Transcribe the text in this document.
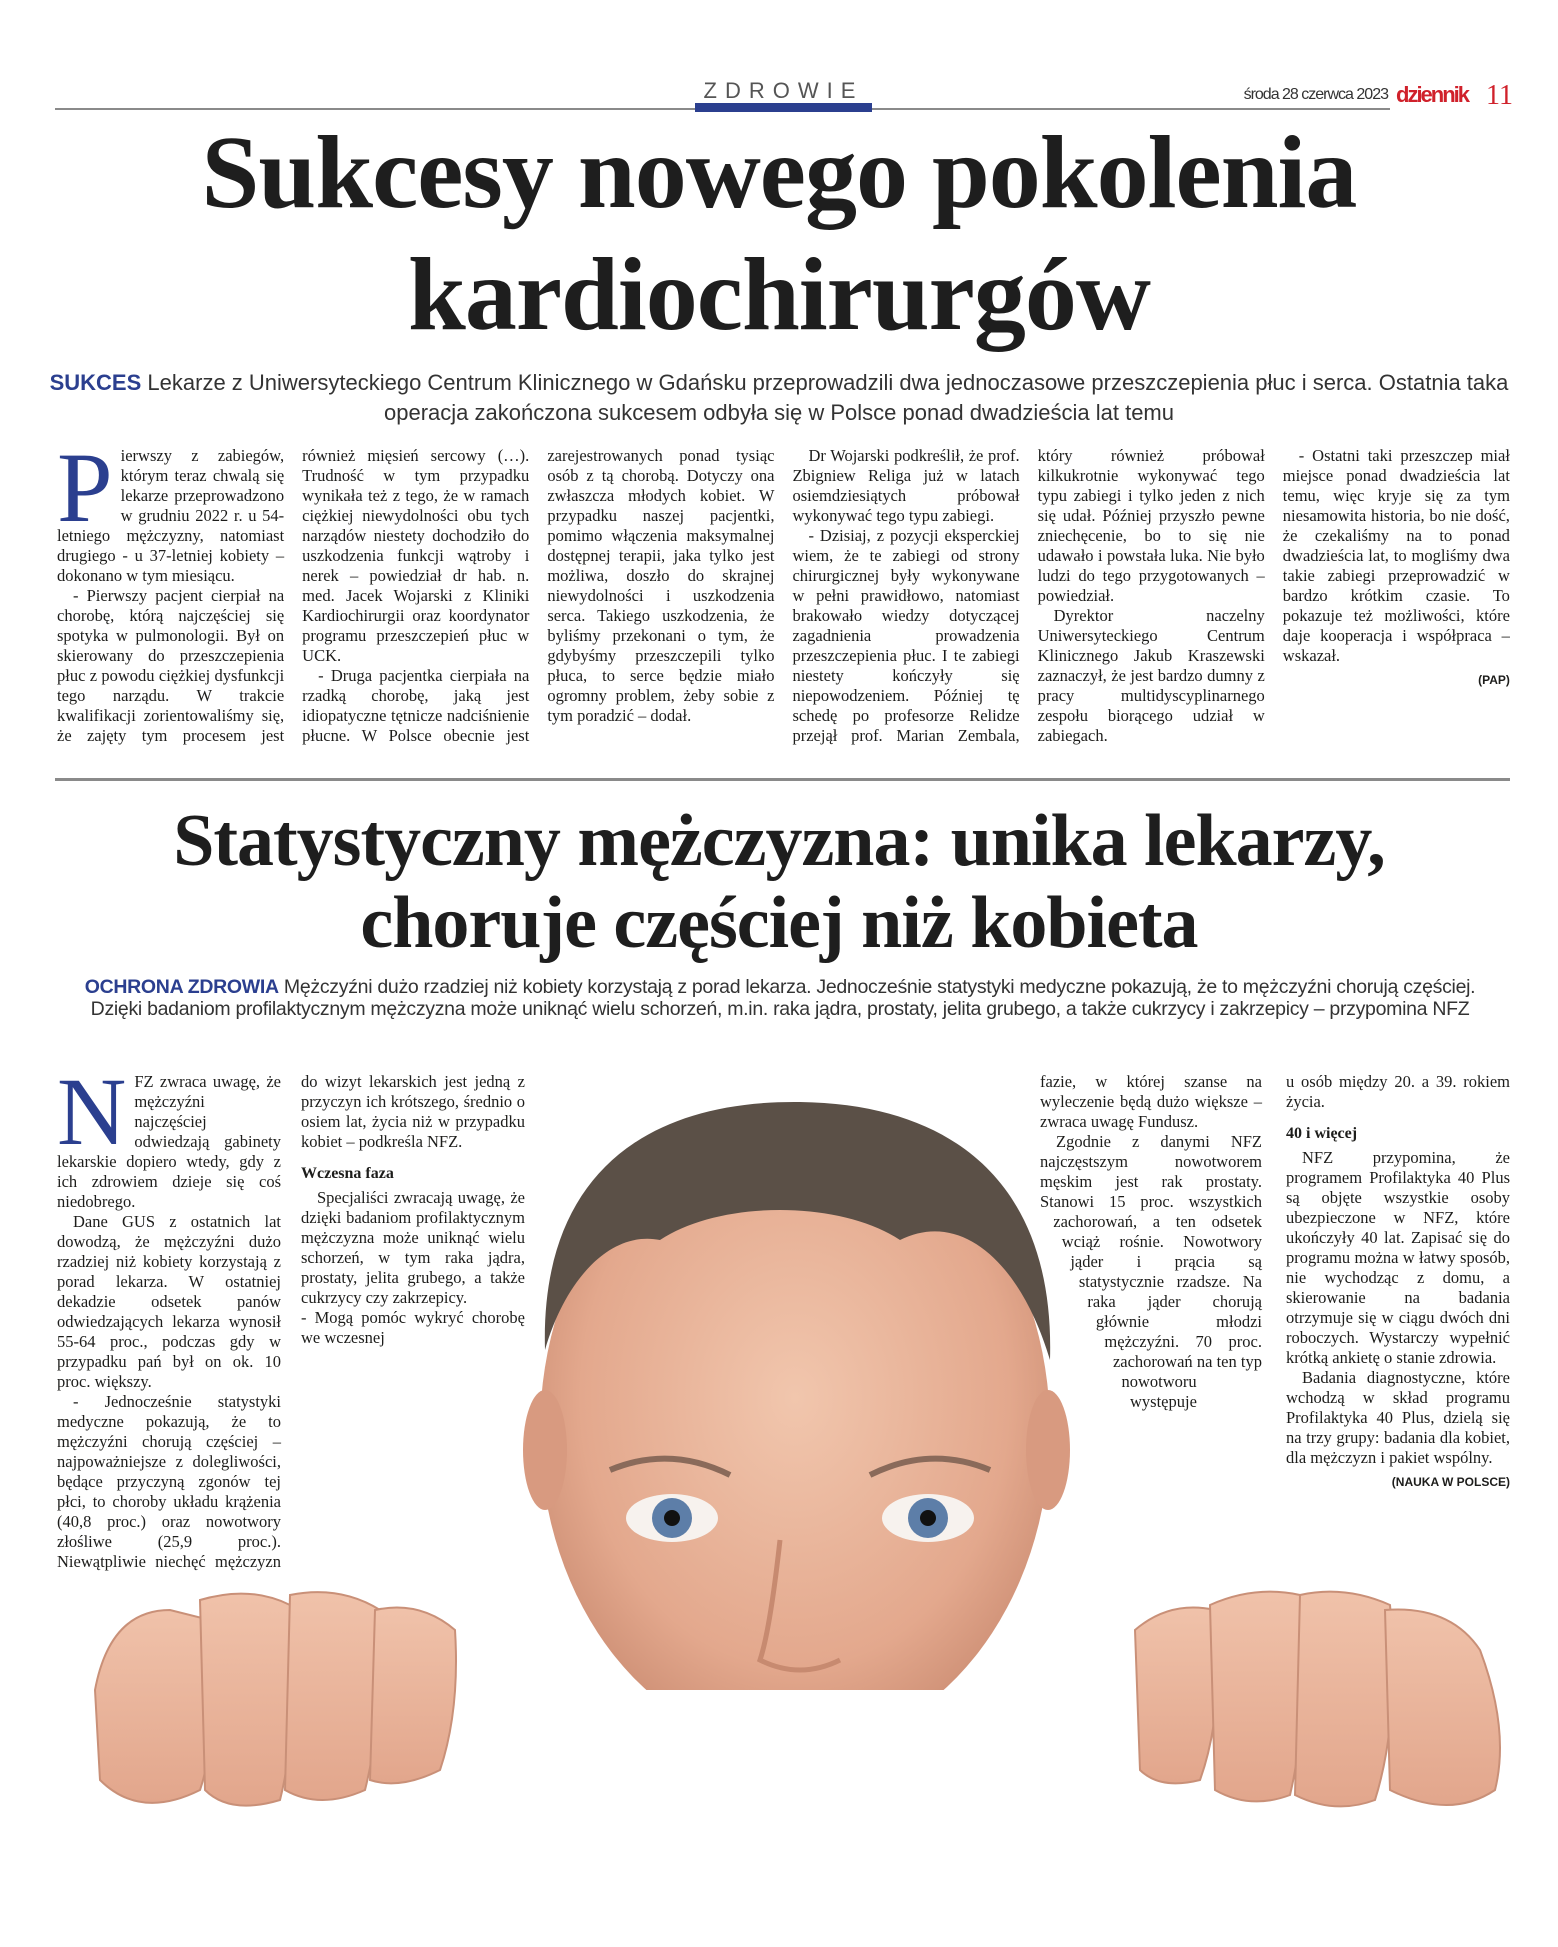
ZDROWIE	środa 28 czerwca 2023 dziennik 11
Sukcesy nowego pokolenia
kardiochirurgów
SUKCES Lekarze z Uniwersyteckiego Centrum Klinicznego w Gdańsku przeprowadzili dwa jednoczasowe przeszczepienia płuc i serca. Ostatnia taka operacja zakończona sukcesem odbyła się w Polsce ponad dwadzieścia lat temu
P ierwszy z zabiegów, którym teraz chwalą się lekarze przeprowadzono w grudniu 2022 r. u 54-letniego mężczyzny, natomiast drugiego - u 37-letniej kobiety – dokonano w tym miesiącu.

- Pierwszy pacjent cierpiał na chorobę, którą najczęściej się spotyka w pulmonologii. Był on skierowany do przeszczepienia płuc z powodu ciężkiej dysfunkcji tego narządu. W trakcie kwalifikacji zorientowaliśmy się, że zajęty tym procesem jest również mięsień sercowy (…). Trudność w tym przypadku wynikała też z tego, że w ramach ciężkiej niewydolności obu tych narządów niestety dochodziło do uszkodzenia funkcji wątroby i nerek – powiedział dr hab. n. med. Jacek Wojarski z Kliniki Kardiochirurgii oraz koordynator programu przeszczepień płuc w UCK.

- Druga pacjentka cierpiała na rzadką chorobę, jaką jest idiopatyczne tętnicze nadciśnienie płucne. W Polsce obecnie jest zarejestrowanych ponad tysiąc osób z tą chorobą. Dotyczy ona zwłaszcza młodych kobiet. W przypadku naszej pacjentki, pomimo włączenia maksymalnej dostępnej terapii, jaka tylko jest możliwa, doszło do skrajnej niewydolności i uszkodzenia serca. Takiego uszkodzenia, że byliśmy przekonani o tym, że gdybyśmy przeszczepili tylko płuca, to serce będzie miało ogromny problem, żeby sobie z tym poradzić – dodał.

Dr Wojarski podkreślił, że prof. Zbigniew Religa już w latach osiemdziesiątych próbował wykonywać tego typu zabiegi.

- Dzisiaj, z pozycji eksperckiej wiem, że te zabiegi od strony chirurgicznej były wykonywane w pełni prawidłowo, natomiast brakowało wiedzy dotyczącej zagadnienia prowadzenia przeszczepienia płuc. I te zabiegi niestety kończyły się niepowodzeniem. Później tę schedę po profesorze Relidze przejął prof. Marian Zembala, który również próbował kilkukrotnie wykonywać tego typu zabiegi i tylko jeden z nich się udał. Później przyszło pewne zniechęcenie, bo to się nie udawało i powstała luka. Nie było ludzi do tego przygotowanych – powiedział.

Dyrektor naczelny Uniwersyteckiego Centrum Klinicznego Jakub Kraszewski zaznaczył, że jest bardzo dumny z pracy multidyscyplinarnego zespołu biorącego udział w zabiegach.

- Ostatni taki przeszczep miał miejsce ponad dwadzieścia lat temu, więc kryje się za tym niesamowita historia, bo nie dość, że czekaliśmy na to ponad dwadzieścia lat, to mogliśmy dwa takie zabiegi przeprowadzić w bardzo krótkim czasie. To pokazuje też możliwości, które daje kooperacja i współpraca – wskazał.

(PAP)

Statystyczny mężczyzna: unika lekarzy,
choruje częściej niż kobieta
OCHRONA ZDROWIA Mężczyźni dużo rzadziej niż kobiety korzystają z porad lekarza. Jednocześnie statystyki medyczne pokazują, że to mężczyźni chorują częściej. Dzięki badaniom profilaktycznym mężczyzna może uniknąć wielu schorzeń, m.in. raka jądra, prostaty, jelita grubego, a także cukrzycy i zakrzepicy – przypomina NFZ
N FZ zwraca uwagę, że mężczyźni najczęściej odwiedzają gabinety lekarskie dopiero wtedy, gdy z ich zdrowiem dzieje się coś niedobrego.

Dane GUS z ostatnich lat dowodzą, że mężczyźni dużo rzadziej niż kobiety korzystają z porad lekarza. W ostatniej dekadzie odsetek panów odwiedzających lekarza wynosił 55-64 proc., podczas gdy w przypadku pań był on ok. 10 proc. większy.

- Jednocześnie statystyki medyczne pokazują, że to mężczyźni chorują częściej – najpoważniejsze z dolegliwości, będące przyczyną zgonów tej płci, to choroby układu krążenia (40,8 proc.) oraz nowotwory złośliwe (25,9 proc.). Niewątpliwie niechęć mężczyzn do wizyt lekarskich jest jedną z przyczyn ich krótszego, średnio o osiem lat, życia niż w przypadku kobiet – podkreśla NFZ.

Wczesna faza

Specjaliści zwracają uwagę, że dzięki badaniom profilaktycznym mężczyzna może uniknąć wielu schorzeń, w tym raka jądra, prostaty, jelita grubego, a także cukrzycy czy zakrzepicy.

- Mogą pomóc wykryć chorobę we wczesnej

fazie, w której szanse na wyleczenie będą dużo większe – zwraca uwagę Fundusz.

Zgodnie z danymi NFZ najczęstszym nowotworem męskim jest rak prostaty. Stanowi 15 proc. wszystkich zachorowań, a ten odsetek wciąż rośnie. Nowotwory jąder i prącia są statystycznie rzadsze. Na raka jąder chorują głównie młodzi mężczyźni. 70 proc. zachorowań na ten typ nowotworu występuje

u osób między 20. a 39. rokiem życia.

40 i więcej

NFZ przypomina, że programem Profilaktyka 40 Plus są objęte wszystkie osoby ubezpieczone w NFZ, które ukończyły 40 lat. Zapisać się do programu można w łatwy sposób, nie wychodząc z domu, a skierowanie na badania otrzymuje się w ciągu dwóch dni roboczych. Wystarczy wypełnić krótką ankietę o stanie zdrowia.

Badania diagnostyczne, które wchodzą w skład programu Profilaktyka 40 Plus, dzielą się na trzy grupy: badania dla kobiet, dla mężczyzn i pakiet wspólny.

(NAUKA W POLSCE)
